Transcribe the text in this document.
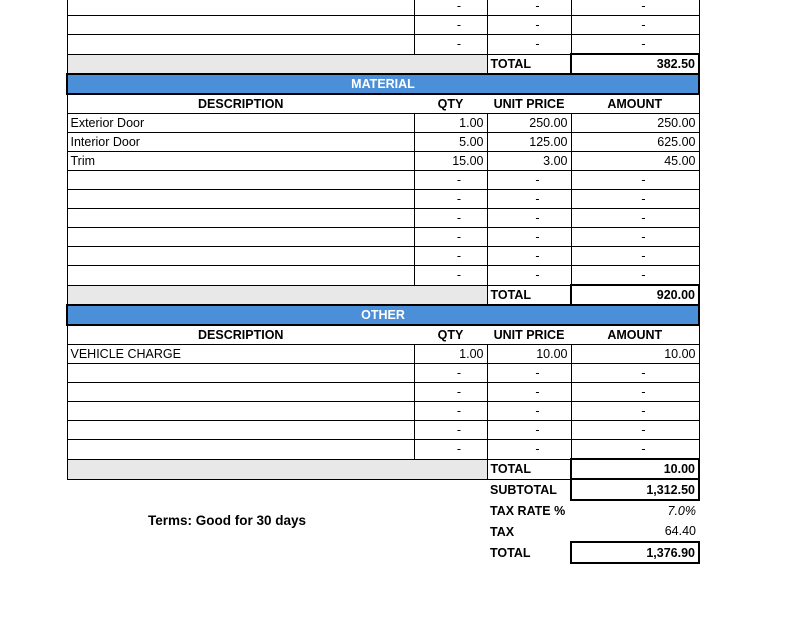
	-	-	-
	-	-	-
	-	-	-
		TOTAL	382.50
MATERIAL			
DESCRIPTION	QTY	UNIT PRICE	AMOUNT
Exterior Door	1.00	250.00	250.00
Interior Door	5.00	125.00	625.00
Trim	15.00	3.00	45.00
	-	-	-
	-	-	-
	-	-	-
	-	-	-
	-	-	-
	-	-	-
		TOTAL	920.00
OTHER			
DESCRIPTION	QTY	UNIT PRICE	AMOUNT
VEHICLE CHARGE	1.00	10.00	10.00
	-	-	-
	-	-	-
	-	-	-
	-	-	-
	-	-	-
		TOTAL	10.00
		SUBTOTAL	1,312.50
		TAX RATE %	7.0%
		TAX	64.40
		TOTAL	1,376.90
Terms: Good for 30 days
